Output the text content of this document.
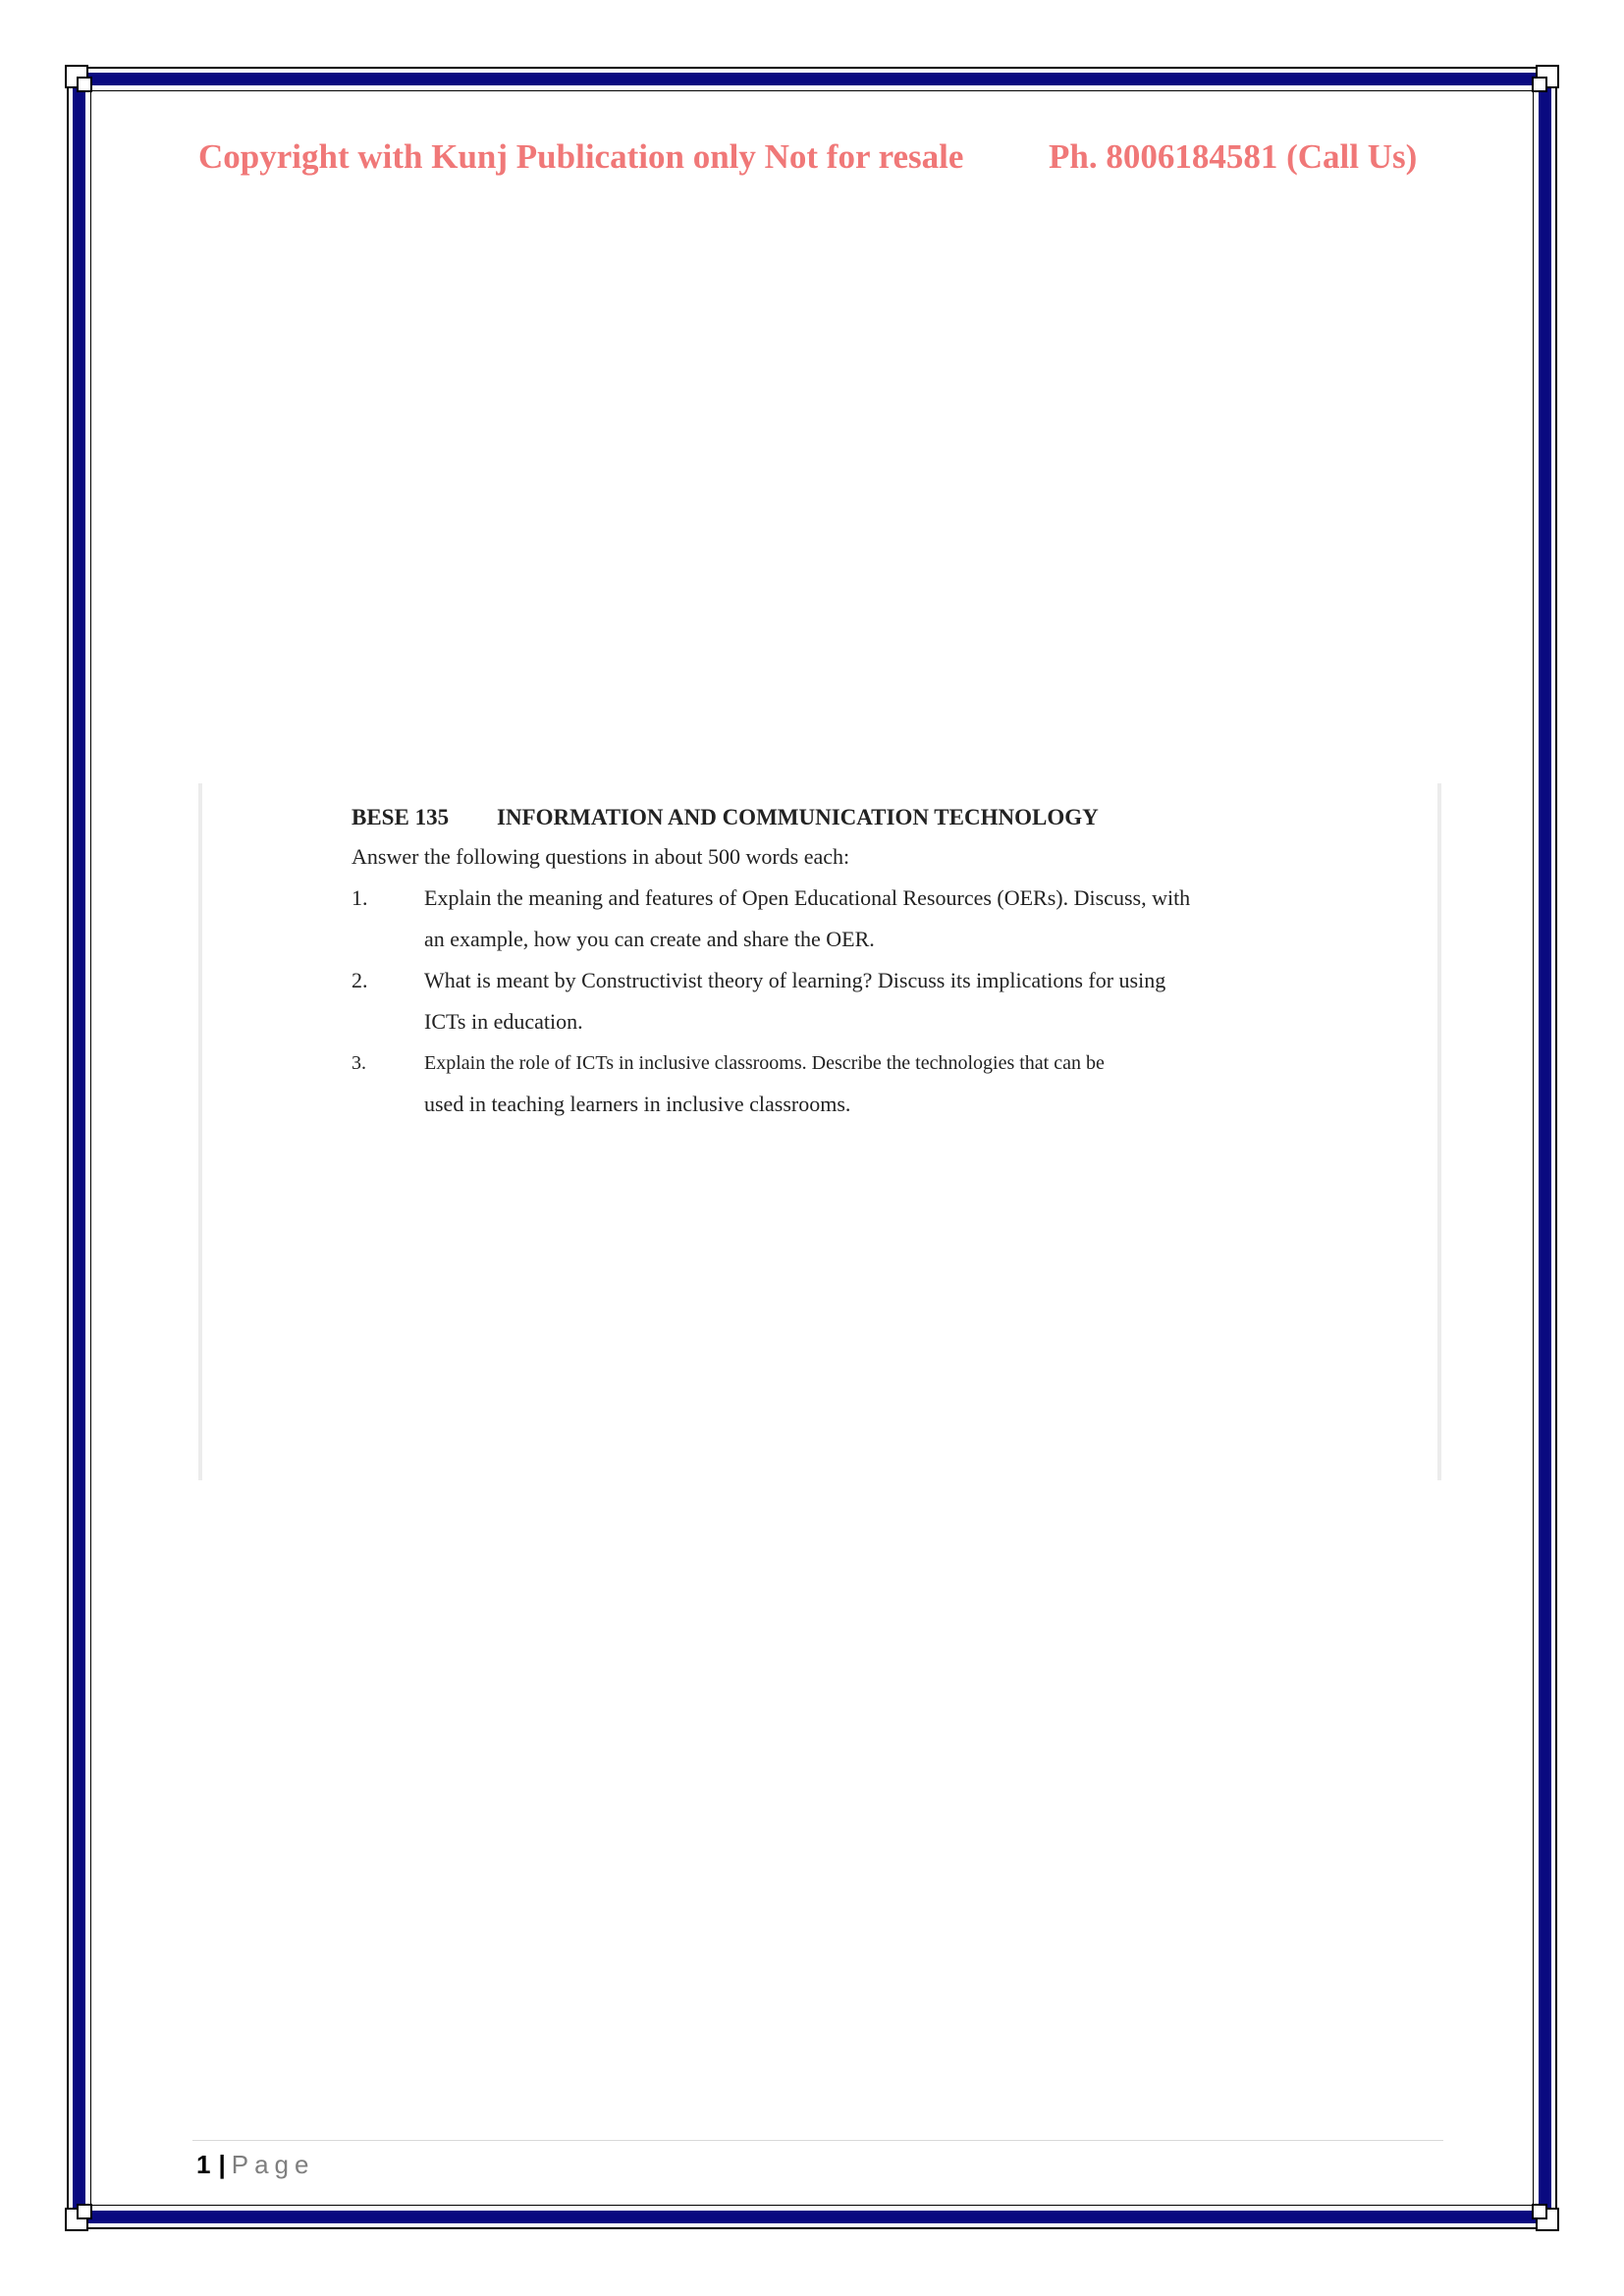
Copyright with Kunj Publication only Not for resale Ph. 8006184581 (Call Us)
BESE 135 INFORMATION AND COMMUNICATION TECHNOLOGY
Answer the following questions in about 500 words each:
1.	Explain the meaning and features of Open Educational Resources (OERs). Discuss, with
an example, how you can create and share the OER.
2.	What is meant by Constructivist theory of learning? Discuss its implications for using
ICTs in education.
3.	Explain the role of ICTs in inclusive classrooms. Describe the technologies that can be
used in teaching learners in inclusive classrooms.
1 | Page
